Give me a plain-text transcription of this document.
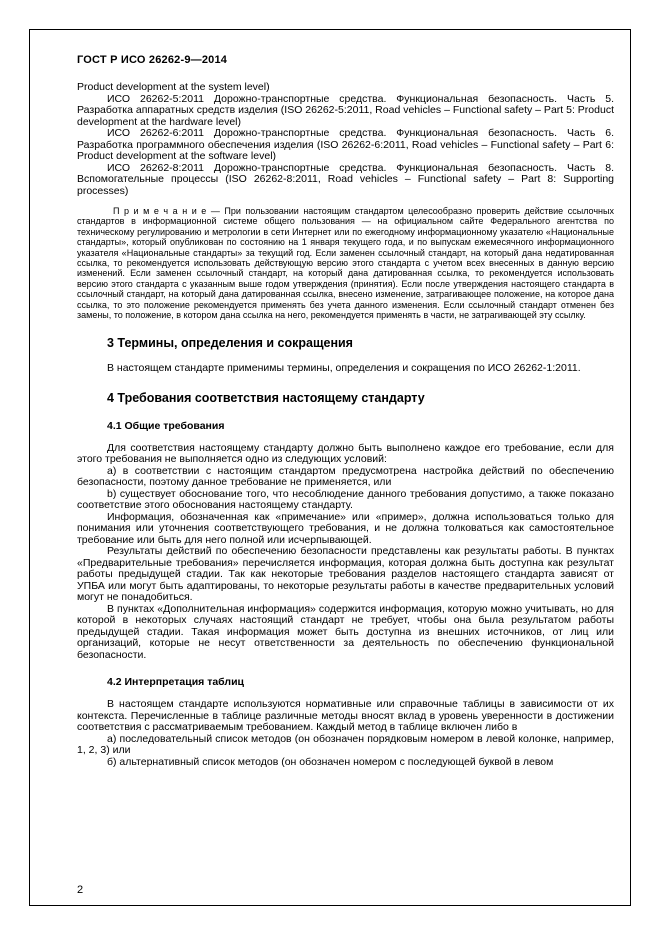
ГОСТ Р ИСО 26262-9—2014

Product development at the system level)

ИСО 26262-5:2011 Дорожно-транспортные средства. Функциональная безопасность. Часть 5. Разработка аппаратных средств изделия (ISO 26262-5:2011, Road vehicles – Functional safety – Part 5: Product development at the hardware level)

ИСО 26262-6:2011 Дорожно-транспортные средства. Функциональная безопасность. Часть 6. Разработка программного обеспечения изделия (ISO 26262-6:2011, Road vehicles – Functional safety – Part 6: Product development at the software level)

ИСО 26262-8:2011 Дорожно-транспортные средства. Функциональная безопасность. Часть 8. Вспомогательные процессы (ISO 26262-8:2011, Road vehicles – Functional safety – Part 8: Supporting processes)

П р и м е ч а н и е — При пользовании настоящим стандартом целесообразно проверить действие ссылочных стандартов в информационной системе общего пользования — на официальном сайте Федерального агентства по техническому регулированию и метрологии в сети Интернет или по ежегодному информационному указателю «Национальные стандарты», который опубликован по состоянию на 1 января текущего года, и по выпускам ежемесячного информационного указателя «Национальные стандарты» за текущий год. Если заменен ссылочный стандарт, на который дана недатированная ссылка, то рекомендуется использовать действующую версию этого стандарта с учетом всех внесенных в данную версию изменений. Если заменен ссылочный стандарт, на который дана датированная ссылка, то рекомендуется использовать версию этого стандарта с указанным выше годом утверждения (принятия). Если после утверждения настоящего стандарта в ссылочный стандарт, на который дана датированная ссылка, внесено изменение, затрагивающее положение, на которое дана ссылка, то это положение рекомендуется применять без учета данного изменения. Если ссылочный стандарт отменен без замены, то положение, в котором дана ссылка на него, рекомендуется применять в части, не затрагивающей эту ссылку.

3 Термины, определения и сокращения

В настоящем стандарте применимы термины, определения и сокращения по ИСО 26262-1:2011.

4 Требования соответствия настоящему стандарту
4.1 Общие требования

Для соответствия настоящему стандарту должно быть выполнено каждое его требование, если для этого требования не выполняется одно из следующих условий:

a) в соответствии с настоящим стандартом предусмотрена настройка действий по обеспечению безопасности, поэтому данное требование не применяется, или

b) существует обоснование того, что несоблюдение данного требования допустимо, а также показано соответствие этого обоснования настоящему стандарту.

Информация, обозначенная как «примечание» или «пример», должна использоваться только для понимания или уточнения соответствующего требования, и не должна толковаться как самостоятельное требование или быть для него полной или исчерпывающей.

Результаты действий по обеспечению безопасности представлены как результаты работы. В пунктах «Предварительные требования» перечисляется информация, которая должна быть доступна как результат работы предыдущей стадии. Так как некоторые требования разделов настоящего стандарта зависят от УПБА или могут быть адаптированы, то некоторые результаты работы в качестве предварительных условий могут не понадобиться.

В пунктах «Дополнительная информация» содержится информация, которую можно учитывать, но для которой в некоторых случаях настоящий стандарт не требует, чтобы она была результатом работы предыдущей стадии. Такая информация может быть доступна из внешних источников, от лиц или организаций, которые не несут ответственности за деятельность по обеспечению функциональной безопасности.

4.2 Интерпретация таблиц

В настоящем стандарте используются нормативные или справочные таблицы в зависимости от их контекста. Перечисленные в таблице различные методы вносят вклад в уровень уверенности в достижении соответствия с рассматриваемым требованием. Каждый метод в таблице включен либо в

a) последовательный список методов (он обозначен порядковым номером в левой колонке, например, 1, 2, 3) или

б) альтернативный список методов (он обозначен номером с последующей буквой в левом

2
